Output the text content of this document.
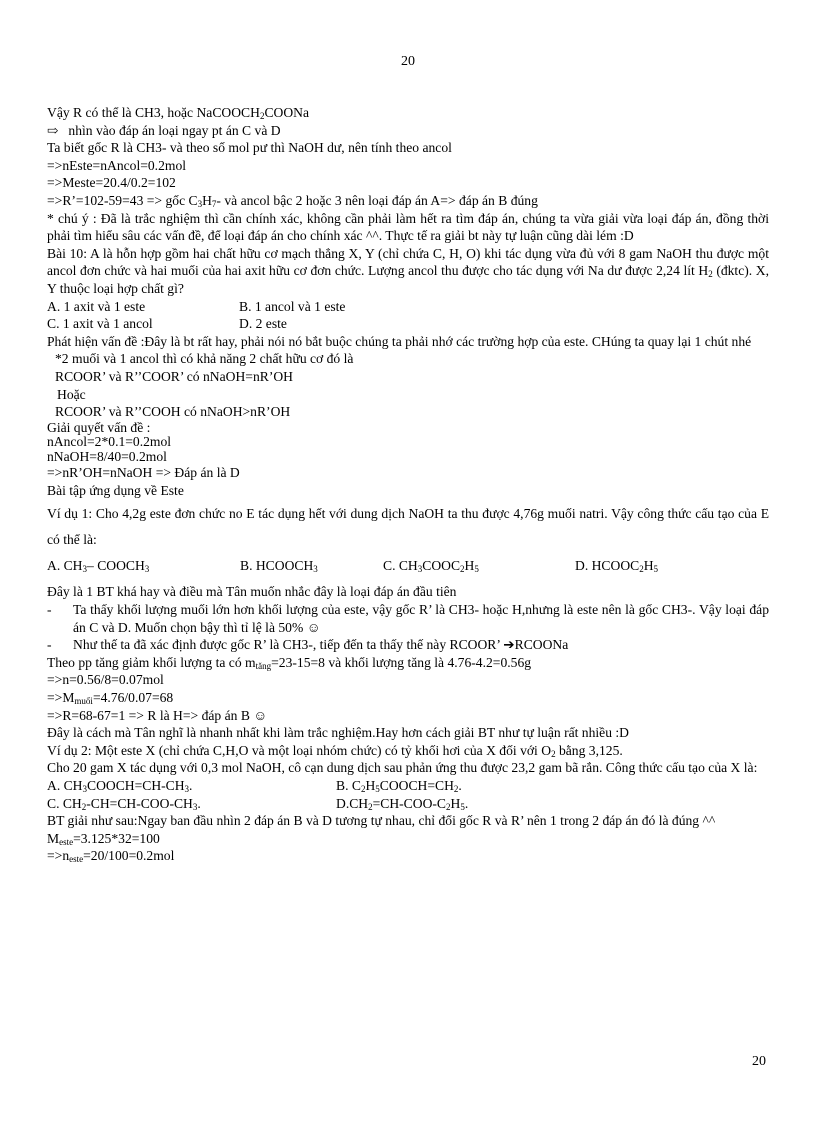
20
Vậy R có thể là CH3, hoặc NaCOOCH$_2$COONa
⇨ nhìn vào đáp án loại ngay pt án C và D
Ta biết gốc R là CH3- và theo số mol pư thì NaOH dư, nên tính theo ancol
=>nEste=nAncol=0.2mol
=>Meste=20.4/0.2=102
=>R’=102-59=43 => gốc $C_3H_7-$ và ancol bậc 2 hoặc 3 nên loại đáp án A=> đáp án B đúng
* chú ý : Đã là trắc nghiệm thì cần chính xác, không cần phải làm hết ra tìm đáp án, chúng ta vừa giải vừa loại đáp án, đồng thời phải tìm hiểu sâu các vấn đề, để loại đáp án cho chính xác ^^. Thực tế ra giải bt này tự luận cũng dài lém :D
Bài 10: A là hỗn hợp gồm hai chất hữu cơ mạch thẳng X, Y (chỉ chứa C, H, O) khi tác dụng vừa đủ với 8 gam NaOH thu được một ancol đơn chức và hai muối của hai axit hữu cơ đơn chức. Lượng ancol thu được cho tác dụng với Na dư được 2,24 lít $H_2$ (đktc). X, Y thuộc loại hợp chất gì?
A. 1 axit và 1 este	B. 1 ancol và 1 este
C. 1 axit và 1 ancol	D. 2 este
Phát hiện vấn đề :Đây là bt rất hay, phải nói nó bắt buộc chúng ta phải nhớ các trường hợp của este. CHúng ta quay lại 1 chút nhé
*2 muối và 1 ancol thì có khả năng 2 chất hữu cơ đó là
RCOOR’ và R’’COOR’ có nNaOH=nR’OH
Hoặc
RCOOR’ và R’’COOH có nNaOH>nR’OH
Giải quyết vấn đề :
nAncol=2*0.1=0.2mol
nNaOH=8/40=0.2mol
=>nR’OH=nNaOH => Đáp án là D
Bài tập ứng dụng về Este
Ví dụ 1: Cho 4,2g este đơn chức no E tác dụng hết với dung dịch NaOH ta thu được 4,76g muối natri. Vậy công thức cấu tạo của E có thể là:
A. $CH_3-$ $COOCH_3$	B. $HCOOCH_3$	C. $CH_3COOC_2H_5$	D. $HCOOC_2H_5$
Đây là 1 BT khá hay và điều mà Tân muốn nhắc đây là loại đáp án đầu tiên
- Ta thấy khối lượng muối lớn hơn khối lượng của este, vậy gốc R’ là CH3- hoặc H,nhưng là este nên là gốc CH3-. Vậy loại đáp án C và D. Muốn chọn bậy thì tỉ lệ là 50% ☺
- Như thế ta đã xác định được gốc R’ là CH3-, tiếp đến ta thấy thế này RCOOR’ ➔RCOONa
Theo pp tăng giảm khối lượng ta có $m_{tăng}=23-15=8$ và khối lượng tăng là 4.76-4.2=0.56g
=>n=0.56/8=0.07mol
$=>M_{muối}=4.76/0.07=68$
=>R=68-67=1 => R là H=> đáp án B ☺
Đây là cách mà Tân nghĩ là nhanh nhất khi làm trắc nghiệm.Hay hơn cách giải BT như tự luận rất nhiều :D
Ví dụ 2: Một este X (chỉ chứa C,H,O và một loại nhóm chức) có tỷ khối hơi của X đối với $O_2$ bằng 3,125.
Cho 20 gam X tác dụng với 0,3 mol NaOH, cô cạn dung dịch sau phản ứng thu được 23,2 gam bã rắn. Công thức cấu tạo của X là:
A. $CH_3COOCH=CH-CH_3$.	B. $C_2H_5COOCH=CH_2$.
C. $CH_2-CH=CH-COO-CH_3$.	$D.CH_2=CH-COO-C_2H_5$.
BT giải như sau:Ngay ban đầu nhìn 2 đáp án B và D tương tự nhau, chỉ đổi gốc R và R’ nên 1 trong 2 đáp án đó là đúng ^^
$M_{este}=3.125*32=100$
$=>n_{este}=20/100=0.2mol$
20
